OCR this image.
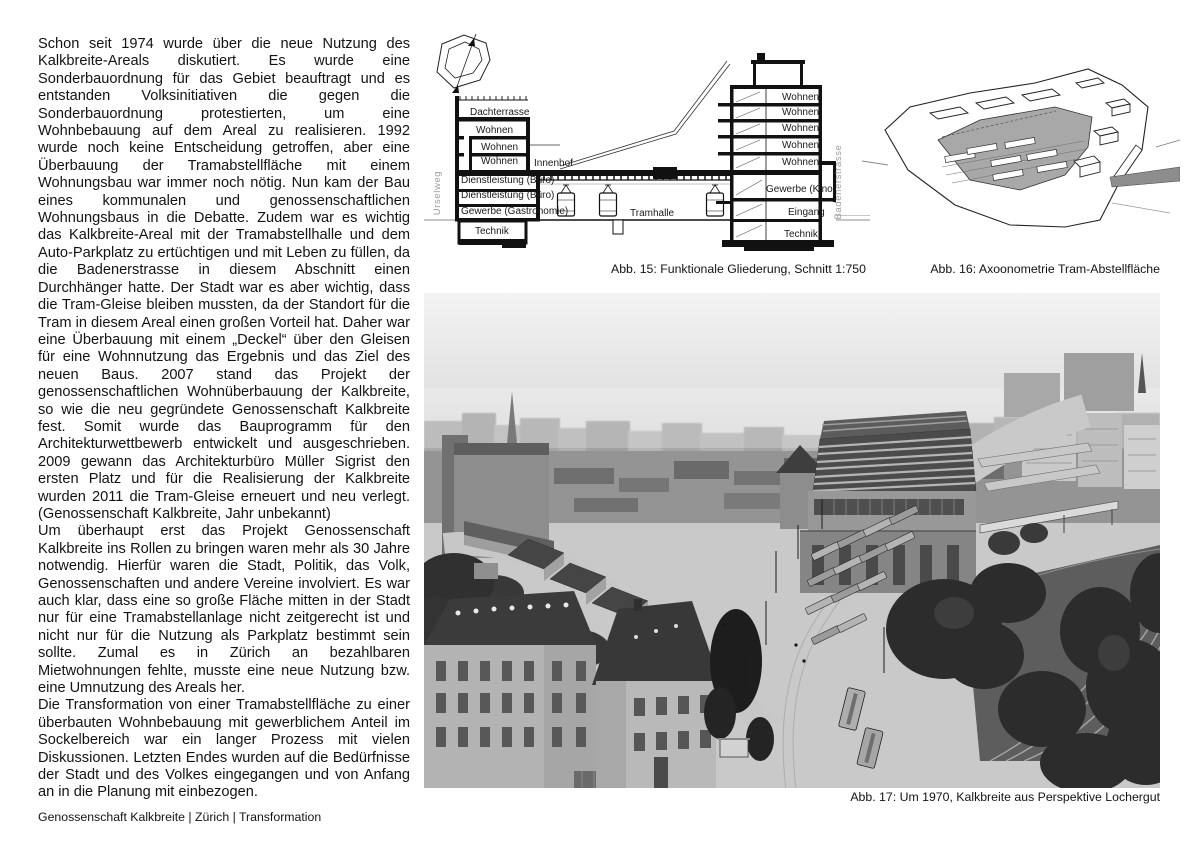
Schon seit 1974 wurde über die neue Nutzung des Kalkbreite-Areals diskutiert. Es wurde eine Sonderbauordnung für das Gebiet beauftragt und es entstanden Volksinitiativen die gegen die Sonderbauordnung protestierten, um eine Wohnbebauung auf dem Areal zu realisieren. 1992 wurde noch keine Entscheidung getroffen, aber eine Überbauung der Tramabstellfläche mit einem Wohnungsbau war immer noch nötig. Nun kam der Bau eines kommunalen und genossenschaftlichen Wohnungsbaus in die Debatte. Zudem war es wichtig das Kalkbreite-Areal mit der Tramabstellhalle und dem Auto-Parkplatz zu ertüchtigen und mit Leben zu füllen, da die Badenerstrasse in diesem Abschnitt einen Durchhänger hatte. Der Stadt war es aber wichtig, dass die Tram-Gleise bleiben mussten, da der Standort für die Tram in diesem Areal einen großen Vorteil hat. Daher war eine Überbauung mit einem „Deckel“ über den Gleisen für eine Wohnnutzung das Ergebnis und das Ziel des neuen Baus. 2007 stand das Projekt der genossenschaftlichen Wohnüberbauung der Kalkbreite, so wie die neu gegründete Genossenschaft Kalkbreite fest. Somit wurde das Bauprogramm für den Architekturwettbewerb entwickelt und ausgeschrieben. 2009 gewann das Architekturbüro Müller Sigrist den ersten Platz und für die Realisierung der Kalkbreite wurden 2011 die Tram-Gleise erneuert und neu verlegt. (Genossenschaft Kalkbreite, Jahr unbekannt)

Um überhaupt erst das Projekt Genossenschaft Kalkbreite ins Rollen zu bringen waren mehr als 30 Jahre notwendig. Hierfür waren die Stadt, Politik, das Volk, Genossenschaften und andere Vereine involviert. Es war auch klar, dass eine so große Fläche mitten in der Stadt nur für eine Tramabstellanlage nicht zeitgerecht ist und nicht nur für die Nutzung als Parkplatz bestimmt sein sollte. Zumal es in Zürich an bezahlbaren Mietwohnungen fehlte, musste eine neue Nutzung bzw. eine Umnutzung des Areals her.

Die Transformation von einer Tramabstellfläche zu einer überbauten Wohnbebauung mit gewerblichem Anteil im Sockelbereich war ein langer Prozess mit vielen Diskussionen. Letzten Endes wurden auf die Bedürfnisse der Stadt und des Volkes eingegangen und von Anfang an in die Planung mit einbezogen.

Dachterrasse
Wohnen
Wohnen
Wohnen
Dienstleistung (Büro)
Dienstleistung (Büro)
Gewerbe (Gastronomie)
Technik
Innenhof
Tramhalle
Wohnen
Wohnen
Wohnen
Wohnen
Wohnen
Gewerbe (Kino)
Eingang
Technik
Urselweg	Badenerstrasse
Abb. 15: Funktionale Gliederung, Schnitt 1:750	Abb. 16: Axoonometrie Tram-Abstellfläche
Abb. 17: Um 1970, Kalkbreite aus Perspektive Lochergut
Genossenschaft Kalkbreite | Zürich | Transformation
